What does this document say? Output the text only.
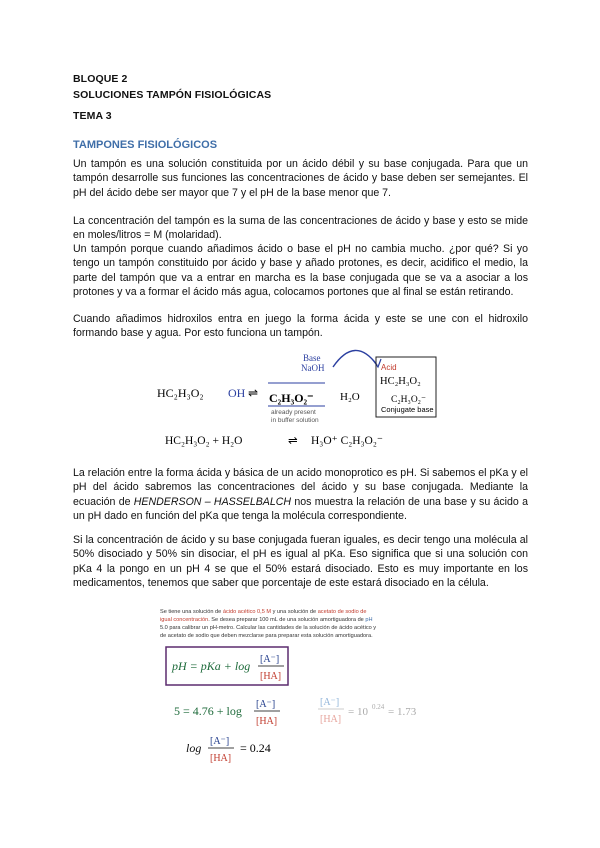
BLOQUE 2
SOLUCIONES TAMPÓN FISIOLÓGICAS
TEMA 3
TAMPONES FISIOLÓGICOS
Un tampón es una solución constituida por un ácido débil y su base conjugada. Para que un tampón desarrolle sus funciones las concentraciones de ácido y base deben ser semejantes. El pH del ácido debe ser mayor que 7 y el pH de la base menor que 7.
La concentración del tampón es la suma de las concentraciones de ácido y base y esto se mide en moles/litros = M (molaridad).
Un tampón porque cuando añadimos ácido o base el pH no cambia mucho. ¿por qué? Si yo tengo un tampón constituido por ácido y base y añado protones, es decir, acidifico el medio, la parte del tampón que va a entrar en marcha es la base conjugada que se va a asociar a los protones y va a formar el ácido más agua, colocamos portones que al final se están retirando.
Cuando añadimos hidroxilos entra en juego la forma ácida y este se une con el hidroxilo formando base y agua. Por esto funciona un tampón.
Base
NaOH
HC₂H₃O₂ OH ⇌ C₂H₃O₂⁻
already present
in buffer solution
H₂O
Acid
HC₂H₃O₂
C₂H₃O₂⁻
Conjugate base
HC₂H₃O₂ + H₂O	⇌ H₃O⁺ C₂H₃O₂⁻
La relación entre la forma ácida y básica de un acido monoprotico es pH. Si sabemos el pKa y el pH del ácido sabremos las concentraciones del ácido y su base conjugada. Mediante la ecuación de HENDERSON – HASSELBALCH nos muestra la relación de una base y su ácido a un pH dado en función del pKa que tenga la molécula correspondiente.
Si la concentración de ácido y su base conjugada fueran iguales, es decir tengo una molécula al 50% disociado y 50% sin disociar, el pH es igual al pKa. Eso significa que si una solución con pKa 4 la pongo en un pH 4 se que el 50% estará disociado. Esto es muy importante en los medicamentos, tenemos que saber que porcentaje de este estará disociado en la célula.
Se tiene una solución de ácido acético 0,5 M y una solución de acetato de sodio de
igual concentración. Se desea preparar 100 mL de una solución amortiguadora de pH
5.0 para calibrar un pH-metro. Calcular las cantidades de la solución de ácido acético y
de acetato de sodio que deben mezclarse para preparar esta solución amortiguadora.
pH = pKa + log [A⁻]
[HA]
5 = 4.76 + log [A⁻]
[HA]
[A⁻]
[HA]
= 10 0.24 = 1.73
log [A⁻]
[HA]
= 0.24
